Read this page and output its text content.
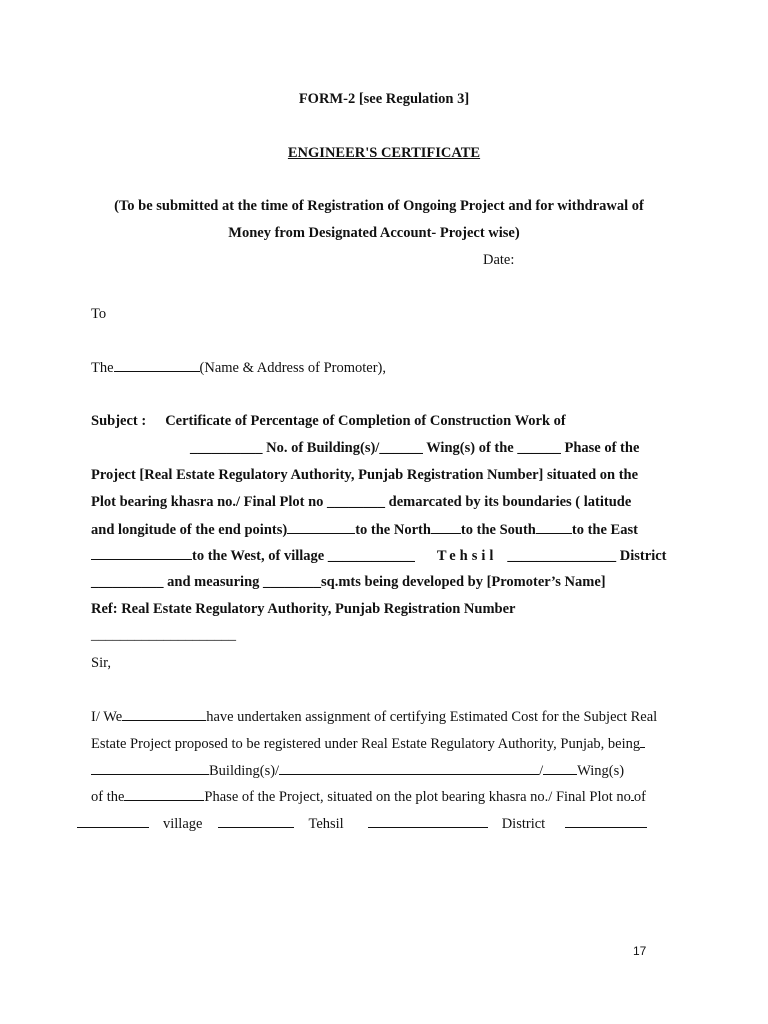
FORM-2 [see Regulation 3]
ENGINEER'S CERTIFICATE
(To be submitted at the time of Registration of Ongoing Project and for withdrawal of
Money from Designated Account- Project wise)
Date:
To
The	(Name & Address of Promoter),
Subject : Certificate of Percentage of Completion of Construction Work of
__________ No. of Building(s)/______ Wing(s) of the ______ Phase of the
Project [Real Estate Regulatory Authority, Punjab Registration Number] situated on the
Plot bearing khasra no./ Final Plot no ________ demarcated by its boundaries ( latitude
and longitude of the end points)	to the North to the South to the East
to the West, of village ____________ Tehsil _______________ District
__________ and measuring ________sq.mts being developed by [Promoter’s Name]
Ref: Real Estate Regulatory Authority, Punjab Registration Number
____________________
Sir,
I/ We	have undertaken assignment of certifying Estimated Cost for the Subject Real
Estate Project proposed to be registered under Real Estate Regulatory Authority, Punjab, being
Building(s)/	/ Wing(s)
of the	Phase of the Project, situated on the plot bearing khasra no./ Final Plot no of
village	Tehsil	District
17
